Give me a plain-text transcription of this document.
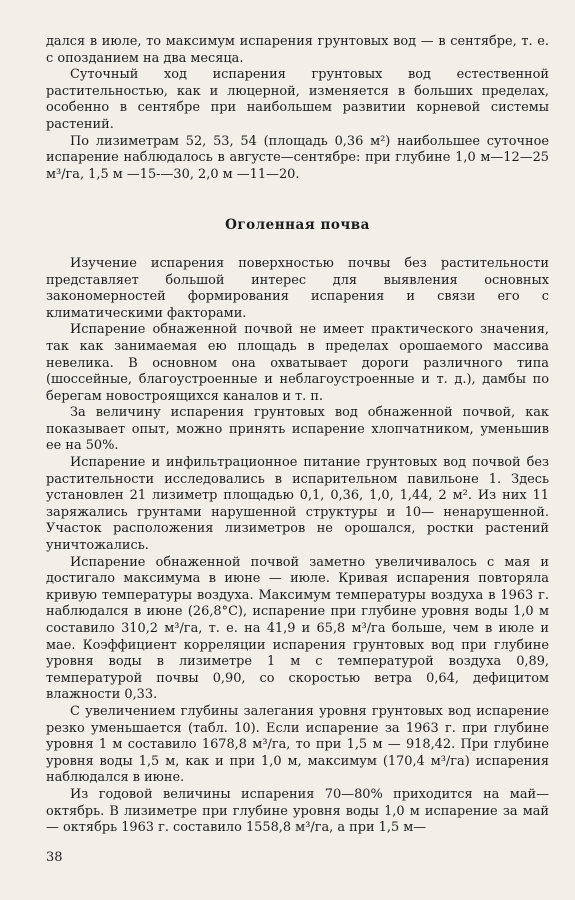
дался в июле, то максимум испарения грунтовых вод — в сентябре, т. е. с опозданием на два месяца.

Суточный ход испарения грунтовых вод естественной растительностью, как и люцерной, изменяется в больших пределах, особенно в сентябре при наибольшем развитии корневой системы растений.

По лизиметрам 52, 53, 54 (площадь 0,36 м²) наибольшее суточное испарение наблюдалось в августе—сентябре: при глубине 1,0 м—12—25 м³/га, 1,5 м —15-—30, 2,0 м —11—20.

Оголенная почва

Изучение испарения поверхностью почвы без растительности представляет большой интерес для выявления основных закономерностей формирования испарения и связи его с климатическими факторами.

Испарение обнаженной почвой не имеет практического значения, так как занимаемая ею площадь в пределах орошаемого массива невелика. В основном она охватывает дороги различного типа (шоссейные, благоустроенные и неблагоустроенные и т. д.), дамбы по берегам новостроящихся каналов и т. п.

За величину испарения грунтовых вод обнаженной почвой, как показывает опыт, можно принять испарение хлопчатником, уменьшив ее на 50%.

Испарение и инфильтрационное питание грунтовых вод почвой без растительности исследовались в испарительном павильоне 1. Здесь установлен 21 лизиметр площадью 0,1, 0,36, 1,0, 1,44, 2 м². Из них 11 заряжались грунтами нарушенной структуры и 10— ненарушенной. Участок расположения лизиметров не орошался, ростки растений уничтожались.

Испарение обнаженной почвой заметно увеличивалось с мая и достигало максимума в июне — июле. Кривая испарения повторяла кривую температуры воздуха. Максимум температуры воздуха в 1963 г. наблюдался в июне (26,8°С), испарение при глубине уровня воды 1,0 м составило 310,2 м³/га, т. е. на 41,9 и 65,8 м³/га больше, чем в июле и мае. Коэффициент корреляции испарения грунтовых вод при глубине уровня воды в лизиметре 1 м с температурой воздуха 0,89, температурой почвы 0,90, со скоростью ветра 0,64, дефицитом влажности 0,33.

С увеличением глубины залегания уровня грунтовых вод испарение резко уменьшается (табл. 10). Если испарение за 1963 г. при глубине уровня 1 м составило 1678,8 м³/га, то при 1,5 м — 918,42. При глубине уровня воды 1,5 м, как и при 1,0 м, максимум (170,4 м³/га) испарения наблюдался в июне.

Из годовой величины испарения 70—80% приходится на май— октябрь. В лизиметре при глубине уровня воды 1,0 м испарение за май — октябрь 1963 г. составило 1558,8 м³/га, а при 1,5 м—

38
